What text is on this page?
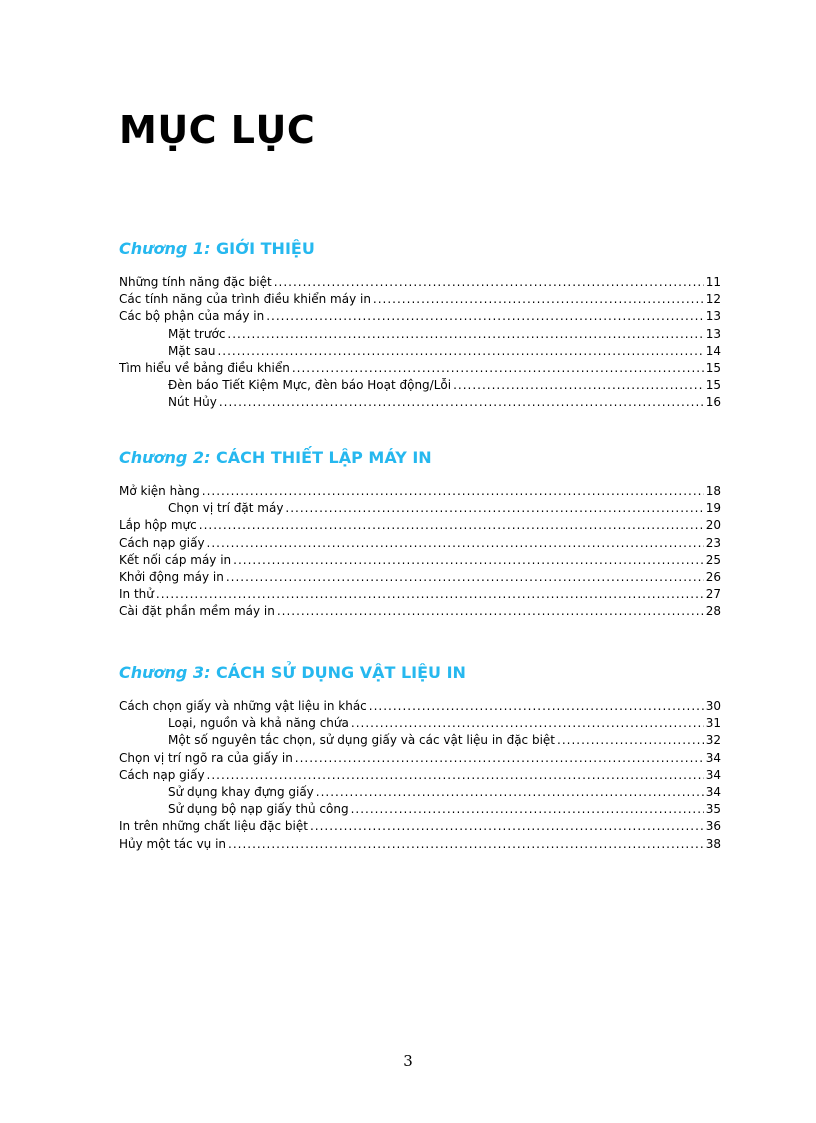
MỤC LỤC
Chương 1: GIỚI THIỆU
Những tính năng đặc biệt .....	11
Các tính năng của trình điều khiển máy in .....	12
Các bộ phận của máy in .....	13
Mặt trước .....	13
Mặt sau .....	14
Tìm hiểu về bảng điều khiển .....	15
Đèn báo Tiết Kiệm Mực, đèn báo Hoạt động/Lỗi .....	15
Nút Hủy .....	16
Chương 2: CÁCH THIẾT LẬP MÁY IN
Mở kiện hàng .....	18
Chọn vị trí đặt máy .....	19
Lắp hộp mực .....	20
Cách nạp giấy .....	23
Kết nối cáp máy in .....	25
Khởi động máy in .....	26
In thử .....	27
Cài đặt phần mềm máy in .....	28
Chương 3: CÁCH SỬ DỤNG VẬT LIỆU IN
Cách chọn giấy và những vật liệu in khác .....	30
Loại, nguồn và khả năng chứa .....	31
Một số nguyên tắc chọn, sử dụng giấy và các vật liệu in đặc biệt .....	32
Chọn vị trí ngõ ra của giấy in .....	34
Cách nạp giấy .....	34
Sử dụng khay đựng giấy .....	34
Sử dụng bộ nạp giấy thủ công .....	35
In trên những chất liệu đặc biệt .....	36
Hủy một tác vụ in .....	38
3
